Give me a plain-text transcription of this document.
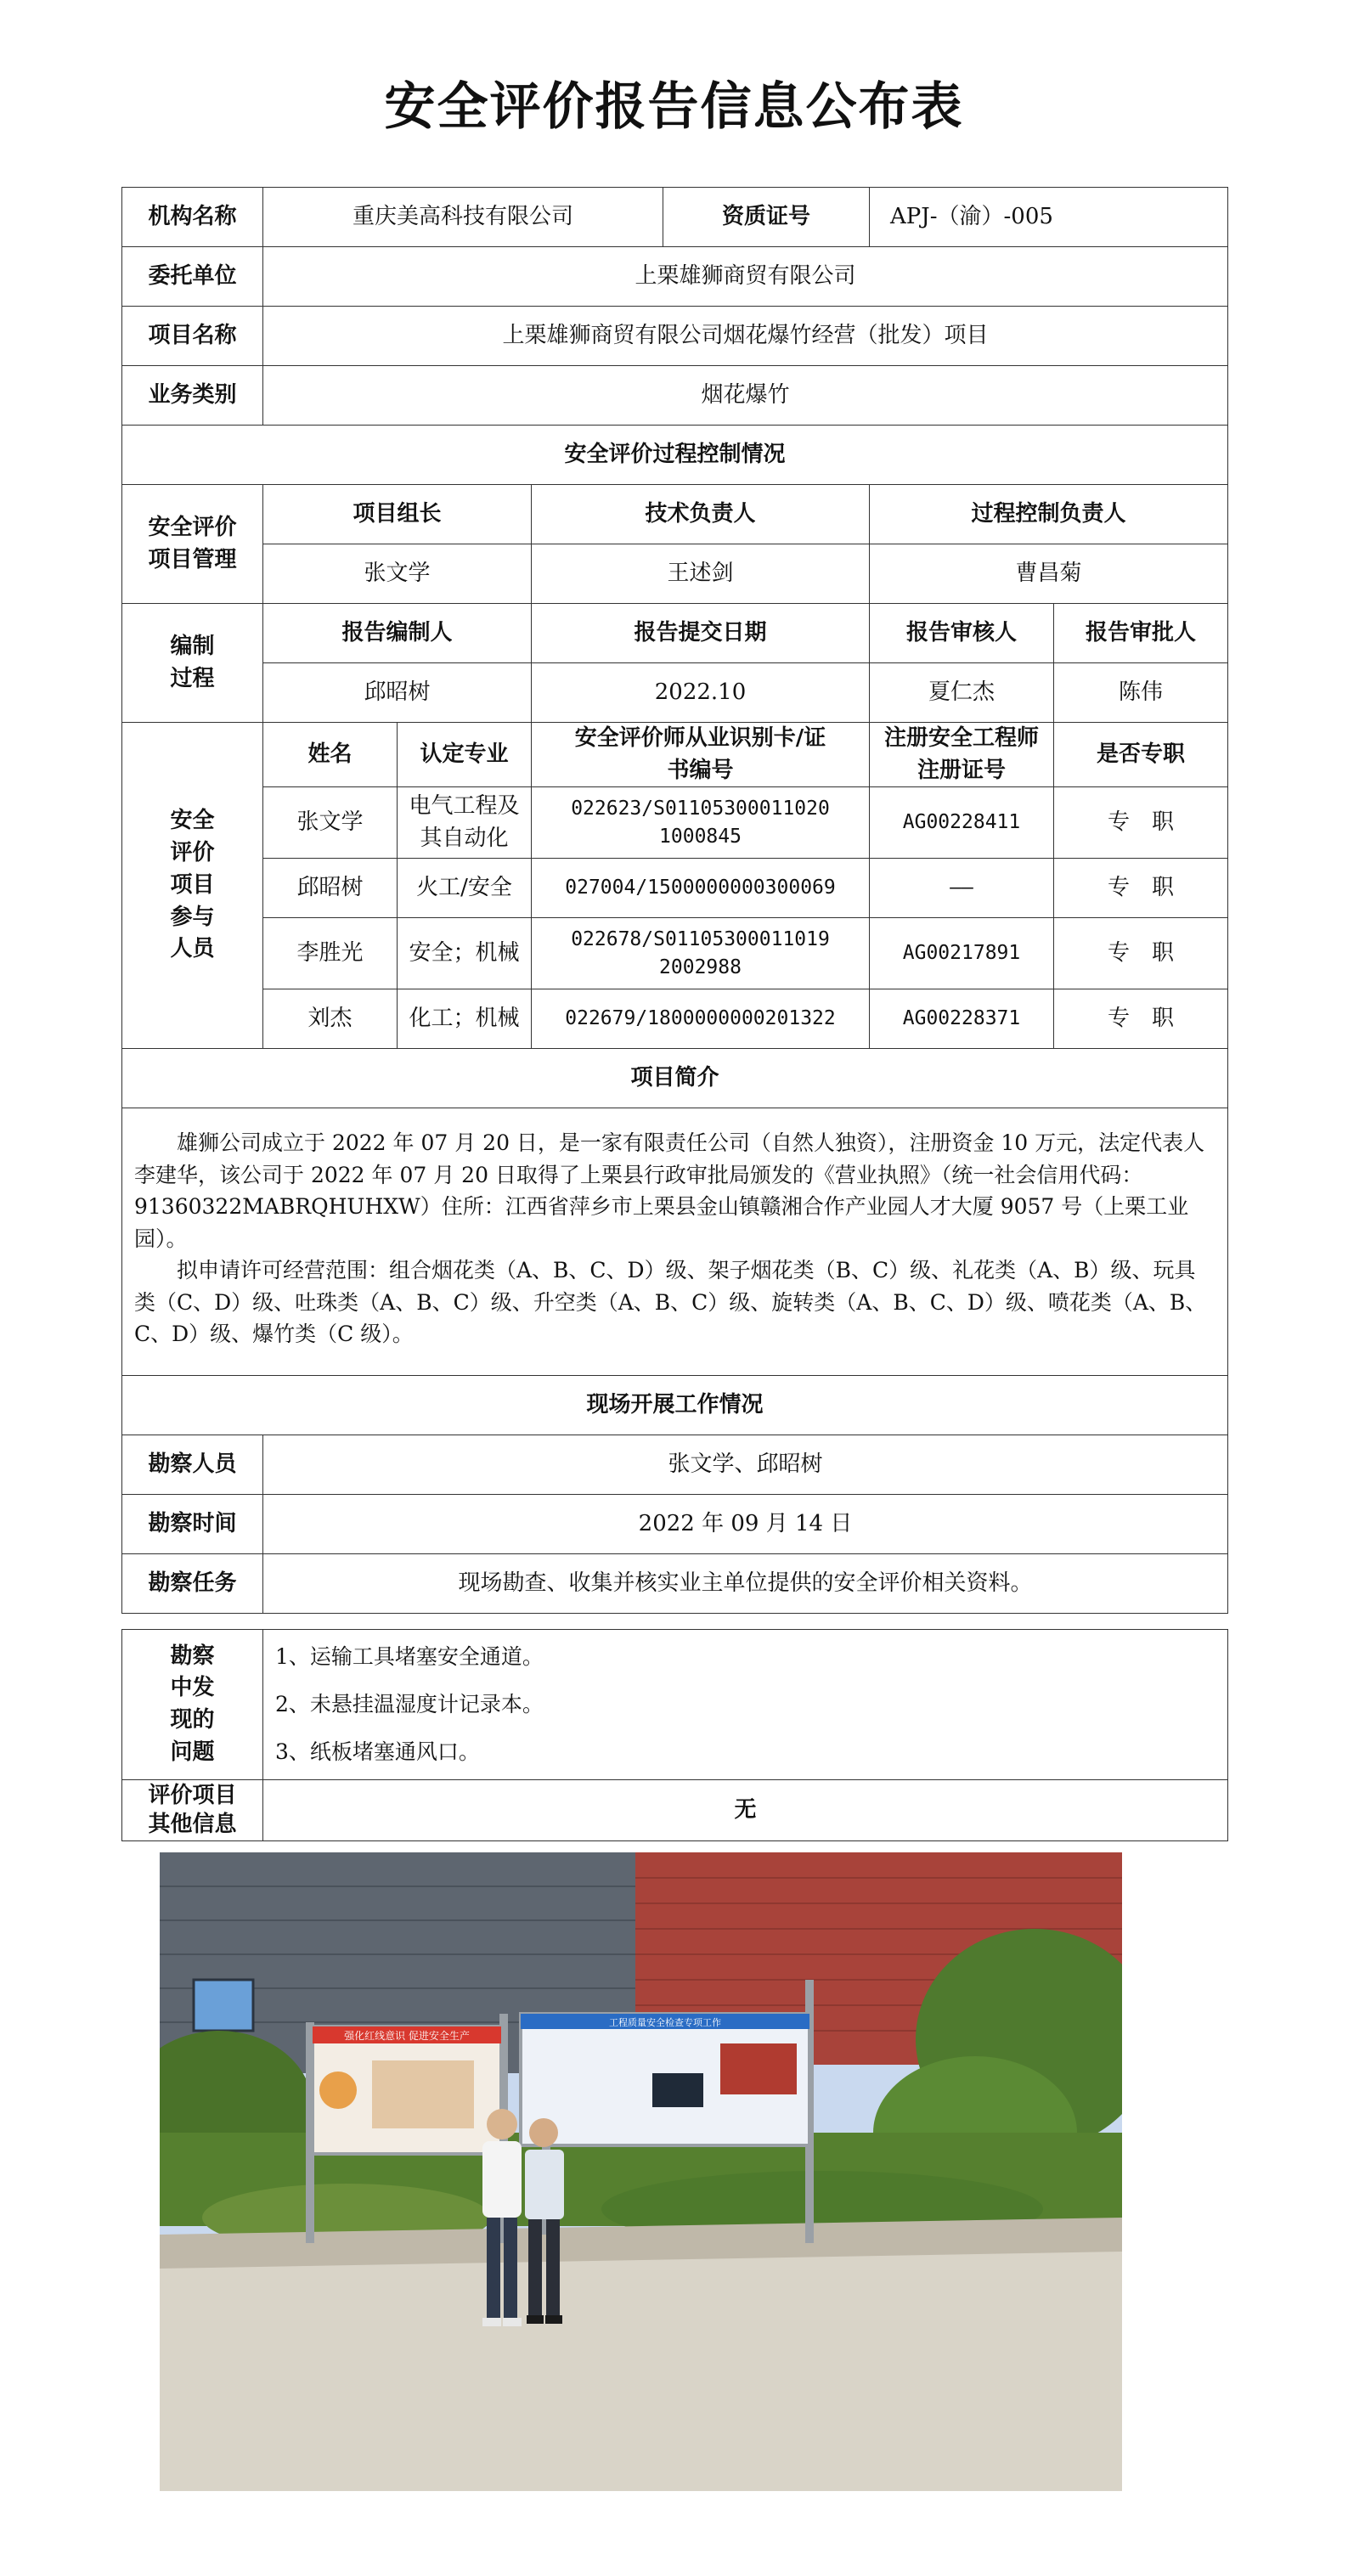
安全评价报告信息公布表
机构名称	重庆美高科技有限公司			资质证号	APJ-（渝）-005	
委托单位	上栗雄狮商贸有限公司					
项目名称	上栗雄狮商贸有限公司烟花爆竹经营（批发）项目					
业务类别	烟花爆竹					
安全评价过程控制情况						
安全评价项目管理	项目组长		技术负责人		过程控制负责人	
	张文学		王述剑		曹昌菊	
编制过程	报告编制人		报告提交日期		报告审核人	报告审批人
	邱昭树		2022.10		夏仁杰	陈伟
安全评价项目参与人员	姓名	认定专业	安全评价师从业识别卡/证书编号		注册安全工程师注册证号	是否专职
	张文学	电气工程及其自动化	022623/S011053000110201000845		AG00228411	专　职
	邱昭树	火工/安全	027004/1500000000300069		——	专　职
	李胜光	安全；机械	022678/S011053000110192002988		AG00217891	专　职
	刘杰	化工；机械	022679/1800000000201322		AG00228371	专　职
项目简介						

雄狮公司成立于 2022 年 07 月 20 日，是一家有限责任公司（自然人独资），注册资金 10 万元，法定代表人李建华，该公司于 2022 年 07 月 20 日取得了上栗县行政审批局颁发的《营业执照》（统一社会信用代码：91360322MABRQHUHXW）住所：江西省萍乡市上栗县金山镇赣湘合作产业园人才大厦 9057 号（上栗工业园）。

拟申请许可经营范围：组合烟花类（A、B、C、D）级、架子烟花类（B、C）级、礼花类（A、B）级、玩具类（C、D）级、吐珠类（A、B、C）级、升空类（A、B、C）级、旋转类（A、B、C、D）级、喷花类（A、B、C、D）级、爆竹类（C 级）。						

现场开展工作情况						
勘察人员	张文学、邱昭树					
勘察时间	2022 年 09 月 14 日					
勘察任务	现场勘查、收集并核实业主单位提供的安全评价相关资料。					
勘察中发现的问题	1、运输工具堵塞安全通道。
2、未悬挂温湿度计记录本。
3、纸板堵塞通风口。

评价项目其他信息	无
强化红线意识 促进安全生产
工程质量安全检查专项工作
